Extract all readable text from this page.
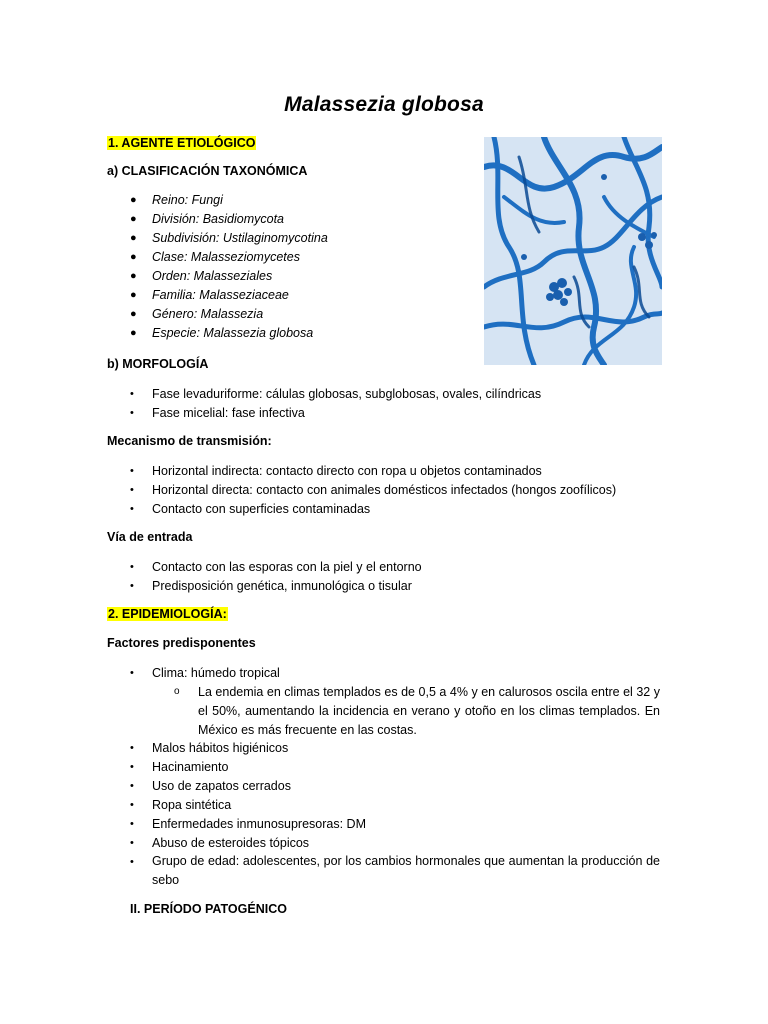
Malassezia globosa
1. AGENTE ETIOLÓGICO
a) CLASIFICACIÓN TAXONÓMICA
● Reino: Fungi
● División: Basidiomycota
● Subdivisión: Ustilaginomycotina
● Clase: Malasseziomycetes
● Orden: Malasseziales
● Familia: Malasseziaceae
● Género: Malassezia
● Especie: Malassezia globosa
b) MORFOLOGÍA
• Fase levaduriforme: cálulas globosas, subglobosas, ovales, cilíndricas
• Fase micelial: fase infectiva
Mecanismo de transmisión:
• Horizontal indirecta: contacto directo con ropa u objetos contaminados
• Horizontal directa: contacto con animales domésticos infectados (hongos zoofílicos)
• Contacto con superficies contaminadas
Vía de entrada
• Contacto con las esporas con la piel y el entorno
• Predisposición genética, inmunológica o tisular
2. EPIDEMIOLOGÍA:
Factores predisponentes
• Clima: húmedo tropical
o La endemia en climas templados es de 0,5 a 4% y en calurosos oscila entre el 32 y el 50%, aumentando la incidencia en verano y otoño en los climas templados. En México es más frecuente en las costas.
• Malos hábitos higiénicos
• Hacinamiento
• Uso de zapatos cerrados
• Ropa sintética
• Enfermedades inmunosupresoras: DM
• Abuso de esteroides tópicos
• Grupo de edad: adolescentes, por los cambios hormonales que aumentan la producción de sebo
II. PERÍODO PATOGÉNICO
